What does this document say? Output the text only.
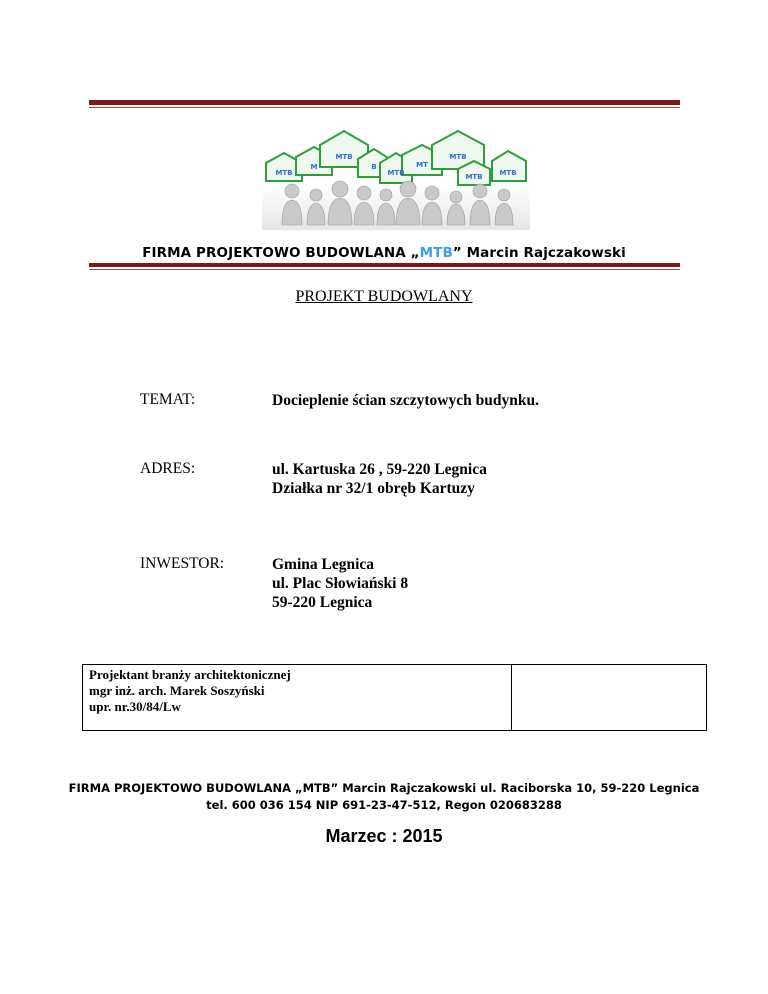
MTB
M
MTB
B
MTB
MT
MTB
MTB MTB
FIRMA PROJEKTOWO BUDOWLANA „MTB” Marcin Rajczakowski
PROJEKT BUDOWLANY
TEMAT:	Docieplenie ścian szczytowych budynku.
ADRES:	ul. Kartuska 26 , 59-220 Legnica
Działka nr 32/1 obręb Kartuzy
INWESTOR:	Gmina Legnica
ul. Plac Słowiański 8
59-220 Legnica
Projektant branży architektonicznej
mgr inż. arch. Marek Soszyński
upr. nr.30/84/Lw
FIRMA PROJEKTOWO BUDOWLANA „MTB” Marcin Rajczakowski ul. Raciborska 10, 59-220 Legnica
tel. 600 036 154 NIP 691-23-47-512, Regon 020683288
Marzec : 2015
